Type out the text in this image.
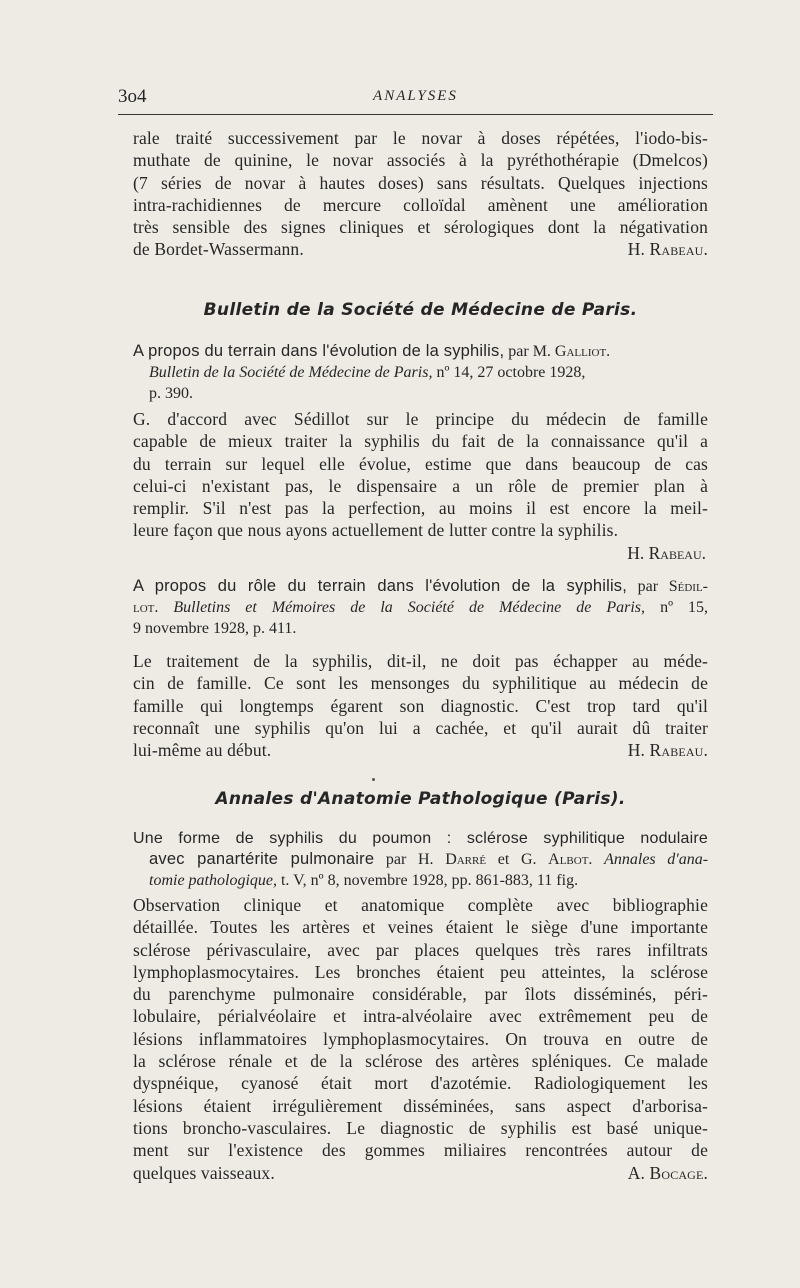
3o4	ANALYSES
rale traité successivement par le novar à doses répétées, l'iodo-bis-
muthate de quinine, le novar associés à la pyréthothérapie (Dmelcos)
(7 séries de novar à hautes doses) sans résultats. Quelques injections
intra-rachidiennes de mercure colloïdal amènent une amélioration
très sensible des signes cliniques et sérologiques dont la négativation
de Bordet-Wassermann.	H. Rabeau.
Bulletin de la Société de Médecine de Paris.
A propos du terrain dans l'évolution de la syphilis, par M. Galliot.
Bulletin de la Société de Médecine de Paris, nº 14, 27 octobre 1928,
p. 390.
G. d'accord avec Sédillot sur le principe du médecin de famille
capable de mieux traiter la syphilis du fait de la connaissance qu'il a
du terrain sur lequel elle évolue, estime que dans beaucoup de cas
celui-ci n'existant pas, le dispensaire a un rôle de premier plan à
remplir. S'il n'est pas la perfection, au moins il est encore la meil-
leure façon que nous ayons actuellement de lutter contre la syphilis.
H. Rabeau.
A propos du rôle du terrain dans l'évolution de la syphilis, par Sédil-
lot. Bulletins et Mémoires de la Société de Médecine de Paris, nº 15,
9 novembre 1928, p. 411.
Le traitement de la syphilis, dit-il, ne doit pas échapper au méde-
cin de famille. Ce sont les mensonges du syphilitique au médecin de
famille qui longtemps égarent son diagnostic. C'est trop tard qu'il
reconnaît une syphilis qu'on lui a cachée, et qu'il aurait dû traiter
lui-même au début.	H. Rabeau.
Annales d'Anatomie Pathologique (Paris).
Une forme de syphilis du poumon : sclérose syphilitique nodulaire
avec panartérite pulmonaire par H. Darré et G. Albot. Annales d'ana-
tomie pathologique, t. V, nº 8, novembre 1928, pp. 861-883, 11 fig.
Observation clinique et anatomique complète avec bibliographie
détaillée. Toutes les artères et veines étaient le siège d'une importante
sclérose périvasculaire, avec par places quelques très rares infiltrats
lymphoplasmocytaires. Les bronches étaient peu atteintes, la sclérose
du parenchyme pulmonaire considérable, par îlots disséminés, péri-
lobulaire, périalvéolaire et intra-alvéolaire avec extrêmement peu de
lésions inflammatoires lymphoplasmocytaires. On trouva en outre de
la sclérose rénale et de la sclérose des artères spléniques. Ce malade
dyspnéique, cyanosé était mort d'azotémie. Radiologiquement les
lésions étaient irrégulièrement disséminées, sans aspect d'arborisa-
tions broncho-vasculaires. Le diagnostic de syphilis est basé unique-
ment sur l'existence des gommes miliaires rencontrées autour de
quelques vaisseaux.	A. Bocage.
